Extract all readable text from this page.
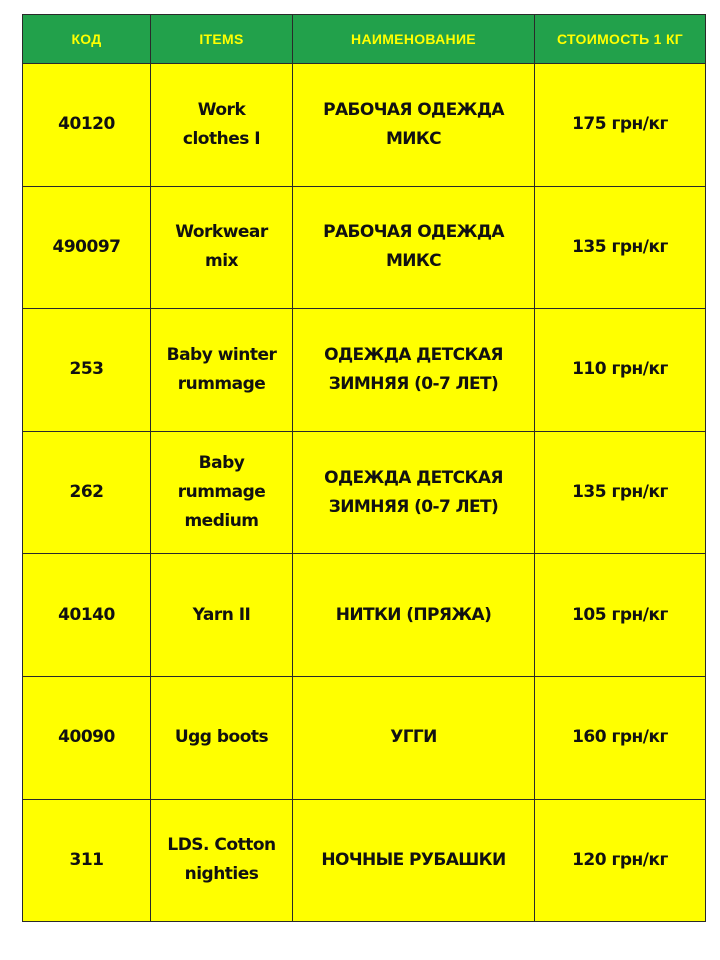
КОД	ITEMS	НАИМЕНОВАНИЕ	СТОИМОСТЬ 1 КГ
40120	Work clothes I	РАБОЧАЯ ОДЕЖДА МИКС	175 грн/кг
490097	Workwear mix	РАБОЧАЯ ОДЕЖДА МИКС	135 грн/кг
253	Baby winter rummage	ОДЕЖДА ДЕТСКАЯ ЗИМНЯЯ (0-7 ЛЕТ)	110 грн/кг
262	Baby rummage medium	ОДЕЖДА ДЕТСКАЯ ЗИМНЯЯ (0-7 ЛЕТ)	135 грн/кг
40140	Yarn II	НИТКИ (ПРЯЖА)	105 грн/кг
40090	Ugg boots	УГГИ	160 грн/кг
311	LDS. Cotton nighties	НОЧНЫЕ РУБАШКИ	120 грн/кг
